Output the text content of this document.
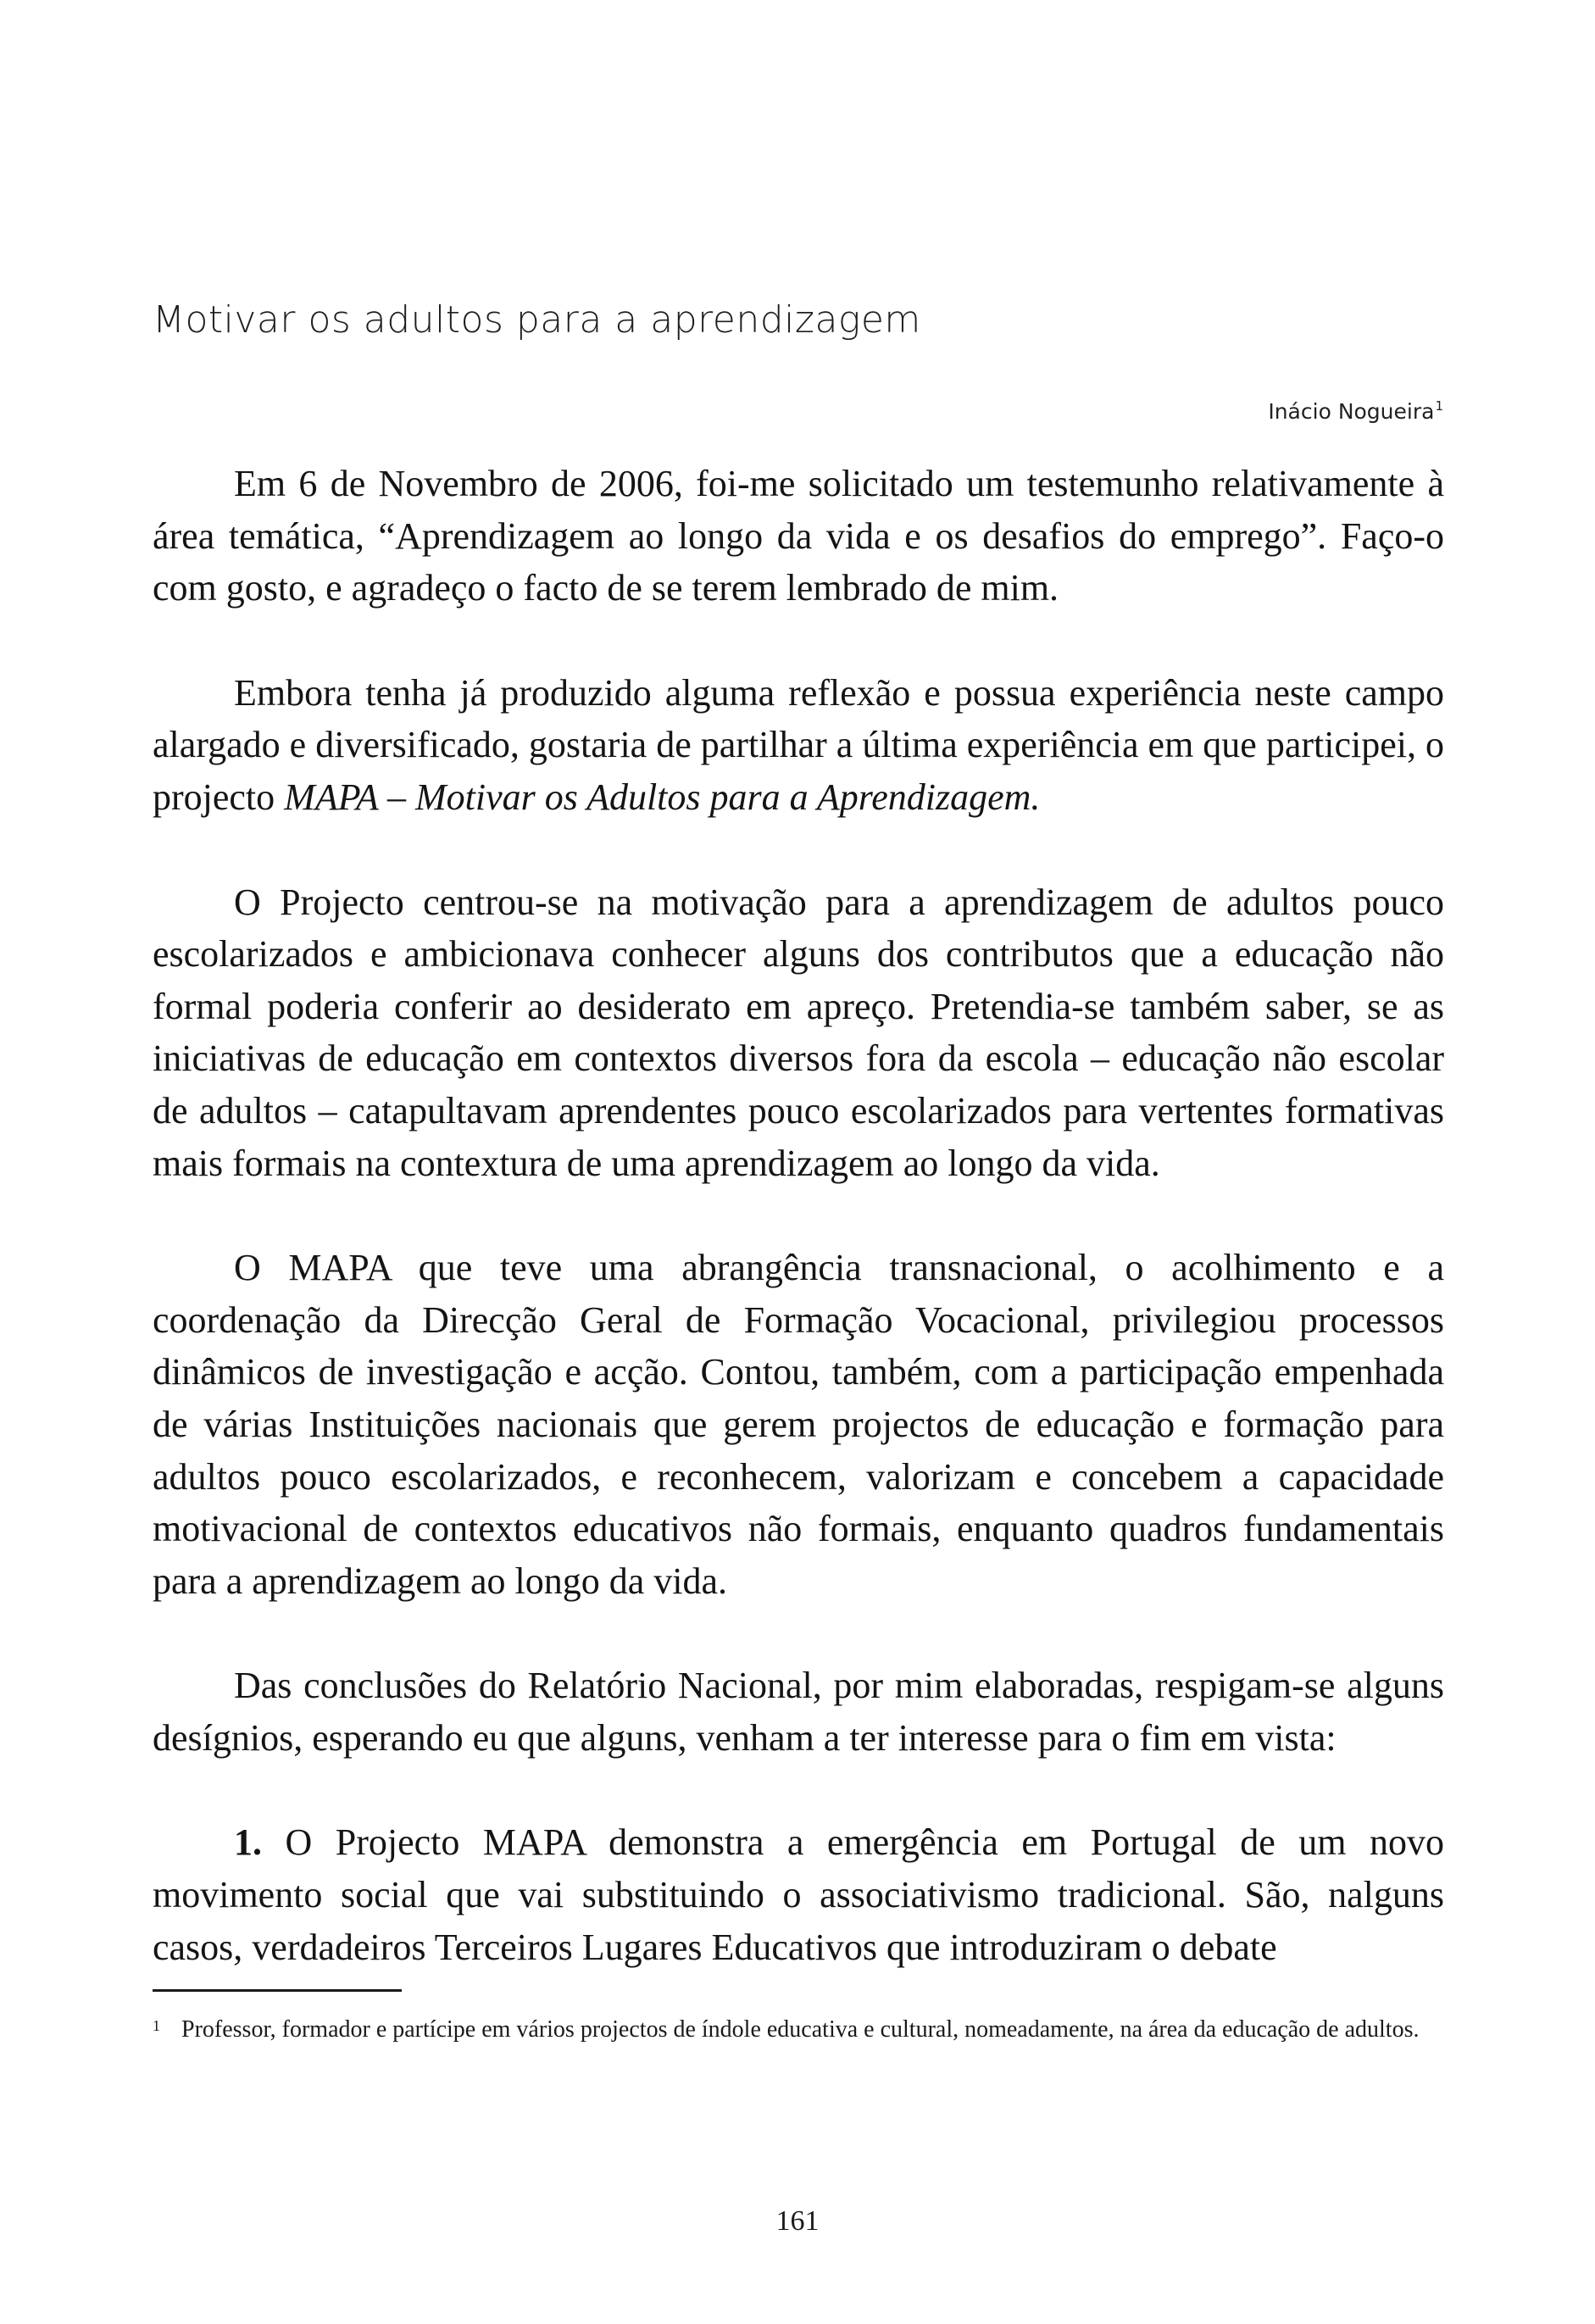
Motivar os adultos para a aprendizagem
Inácio Nogueira$^1$

Em 6 de Novembro de 2006, foi-me solicitado um testemunho relativamente à área temática, “Aprendizagem ao longo da vida e os desafios do emprego”. Faço-o com gosto, e agradeço o facto de se terem lembrado de mim.

Embora tenha já produzido alguma reflexão e possua experiência neste campo alargado e diversificado, gostaria de partilhar a última experiência em que participei, o projecto MAPA – Motivar os Adultos para a Aprendizagem.

O Projecto centrou-se na motivação para a aprendizagem de adultos pouco escolarizados e ambicionava conhecer alguns dos contributos que a educação não formal poderia conferir ao desiderato em apreço. Pretendia-se também saber, se as iniciativas de educação em contextos diversos fora da escola – educação não escolar de adultos – catapultavam aprendentes pouco escolarizados para vertentes formativas mais formais na contextura de uma aprendizagem ao longo da vida.

O MAPA que teve uma abrangência transnacional, o acolhimento e a coordenação da Direcção Geral de Formação Vocacional, privilegiou processos dinâmicos de investigação e acção. Contou, também, com a participação empenhada de várias Instituições nacionais que gerem projectos de educação e formação para adultos pouco escolarizados, e reconhecem, valorizam e concebem a capacidade motivacional de contextos educativos não formais, enquanto quadros fundamentais para a aprendizagem ao longo da vida.

Das conclusões do Relatório Nacional, por mim elaboradas, respigam-se alguns desígnios, esperando eu que alguns, venham a ter interesse para o fim em vista:

1. O Projecto MAPA demonstra a emergência em Portugal de um novo movimento social que vai substituindo o associativismo tradicional. São, nalguns casos, verdadeiros Terceiros Lugares Educativos que introduziram o debate

1 Professor, formador e partícipe em vários projectos de índole educativa e cultural, nomeadamente, na área da educação de adultos.
161
